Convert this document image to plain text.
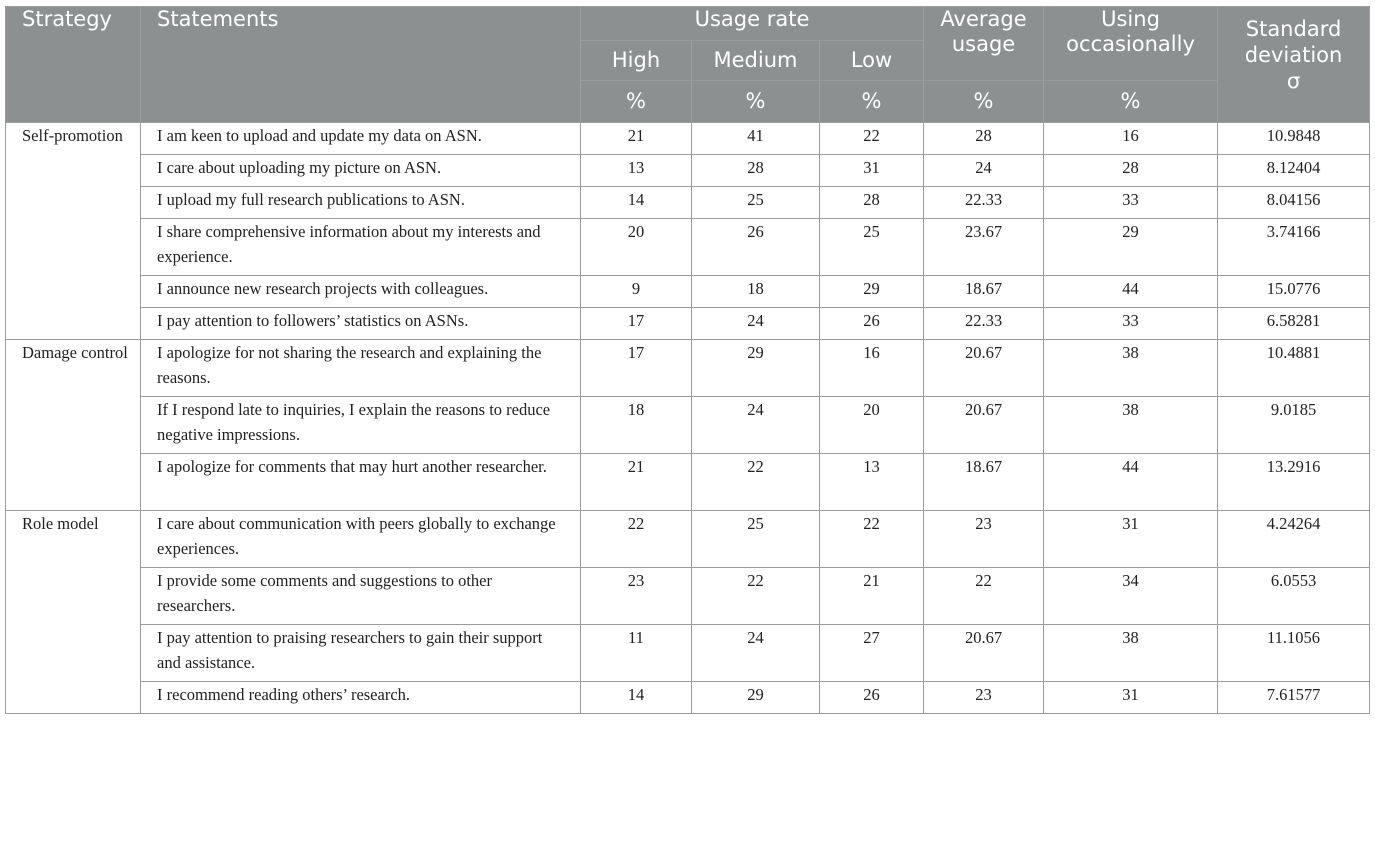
Strategy	Statements	Usage rate			Average usage	Using occasionally	Standard deviation
σ
		High	Medium	Low			
		%	%	%	%	%	
Self-promotion	I am keen to upload and update my data on ASN.	21	41	22	28	16	10.9848
	I care about uploading my picture on ASN.	13	28	31	24	28	8.12404
	I upload my full research publications to ASN.	14	25	28	22.33	33	8.04156
	I share comprehensive information about my interests and experience.	20	26	25	23.67	29	3.74166
	I announce new research projects with colleagues.	9	18	29	18.67	44	15.0776
	I pay attention to followers’ statistics on ASNs.	17	24	26	22.33	33	6.58281
Damage control	I apologize for not sharing the research and explaining the reasons.	17	29	16	20.67	38	10.4881
	If I respond late to inquiries, I explain the reasons to reduce negative impressions.	18	24	20	20.67	38	9.0185
	I apologize for comments that may hurt another researcher.	21	22	13	18.67	44	13.2916
Role model	I care about communication with peers globally to exchange experiences.	22	25	22	23	31	4.24264
	I provide some comments and suggestions to other researchers.	23	22	21	22	34	6.0553
	I pay attention to praising researchers to gain their support and assistance.	11	24	27	20.67	38	11.1056
	I recommend reading others’ research.	14	29	26	23	31	7.61577
